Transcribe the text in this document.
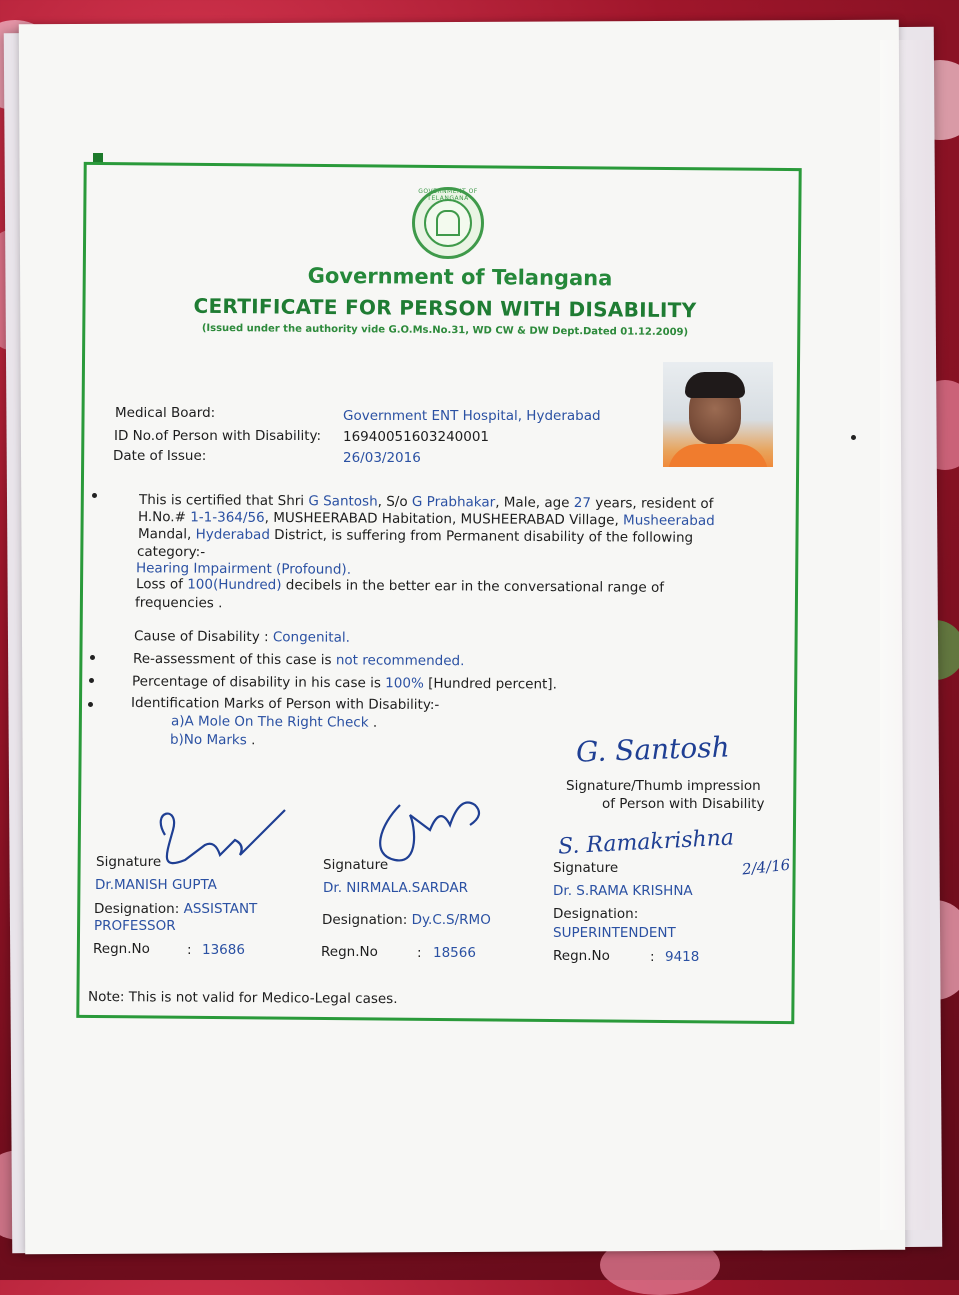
GOVERNMENT OF TELANGANA
Government of Telangana
CERTIFICATE FOR PERSON WITH DISABILITY
(Issued under the authority vide G.O.Ms.No.31, WD CW & DW Dept.Dated 01.12.2009)
Medical Board:	Government ENT Hospital, Hyderabad
ID No.of Person with Disability: 16940051603240001
Date of Issue:	26/03/2016
This is certified that Shri G Santosh, S/o G Prabhakar, Male, age 27 years, resident of
H.No.# 1-1-364/56, MUSHEERABAD Habitation, MUSHEERABAD Village, Musheerabad
Mandal, Hyderabad District, is suffering from Permanent disability of the following
category:-
Hearing Impairment (Profound).
Loss of 100(Hundred) decibels in the better ear in the conversational range of
frequencies .
Cause of Disability : Congenital.
Re-assessment of this case is not recommended.
Percentage of disability in his case is 100% [Hundred percent].
Identification Marks of Person with Disability:-
a)A Mole On The Right Check .
b)No Marks .	G. Santosh
Signature/Thumb impression
of Person with Disability
S. Ramakrishna
2/4/16
Signature
Dr.MANISH GUPTA
Designation: ASSISTANT
PROFESSOR
Regn.No	: 13686
Signature
Dr. NIRMALA.SARDAR
Designation: Dy.C.S/RMO
Regn.No	: 18566
Signature
Dr. S.RAMA KRISHNA
Designation:
SUPERINTENDENT
Regn.No	: 9418
Note: This is not valid for Medico-Legal cases.
